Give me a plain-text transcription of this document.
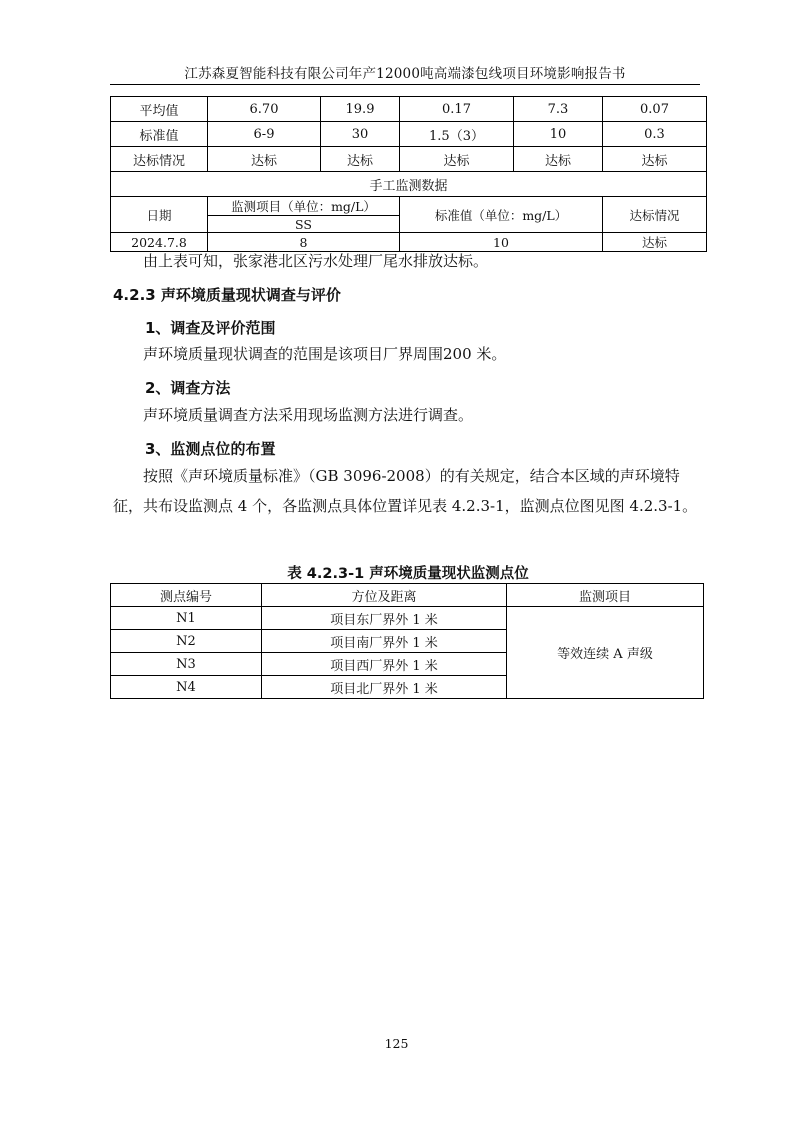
江苏森夏智能科技有限公司年产12000吨高端漆包线项目环境影响报告书
平均值	6.70	19.9	0.17	7.3	0.07
标准值	6-9	30	1.5（3）	10	0.3
达标情况	达标	达标	达标	达标	达标
手工监测数据					
日期	监测项目（单位：mg/L）		标准值（单位：mg/L）		达标情况
	SS				
2024.7.8	8		10		达标
由上表可知，张家港北区污水处理厂尾水排放达标。
4.2.3 声环境质量现状调查与评价
1、调查及评价范围
声环境质量现状调查的范围是该项目厂界周围200 米。
2、调查方法
声环境质量调查方法采用现场监测方法进行调查。
3、监测点位的布置
按照《声环境质量标准》（GB 3096-2008）的有关规定，结合本区域的声环境特征，共布设监测点 4 个，各监测点具体位置详见表 4.2.3-1，监测点位图见图 4.2.3-1。
表 4.2.3-1 声环境质量现状监测点位
测点编号	方位及距离	监测项目
N1	项目东厂界外 1 米	等效连续 A 声级
N2	项目南厂界外 1 米	
N3	项目西厂界外 1 米	
N4	项目北厂界外 1 米	
125
